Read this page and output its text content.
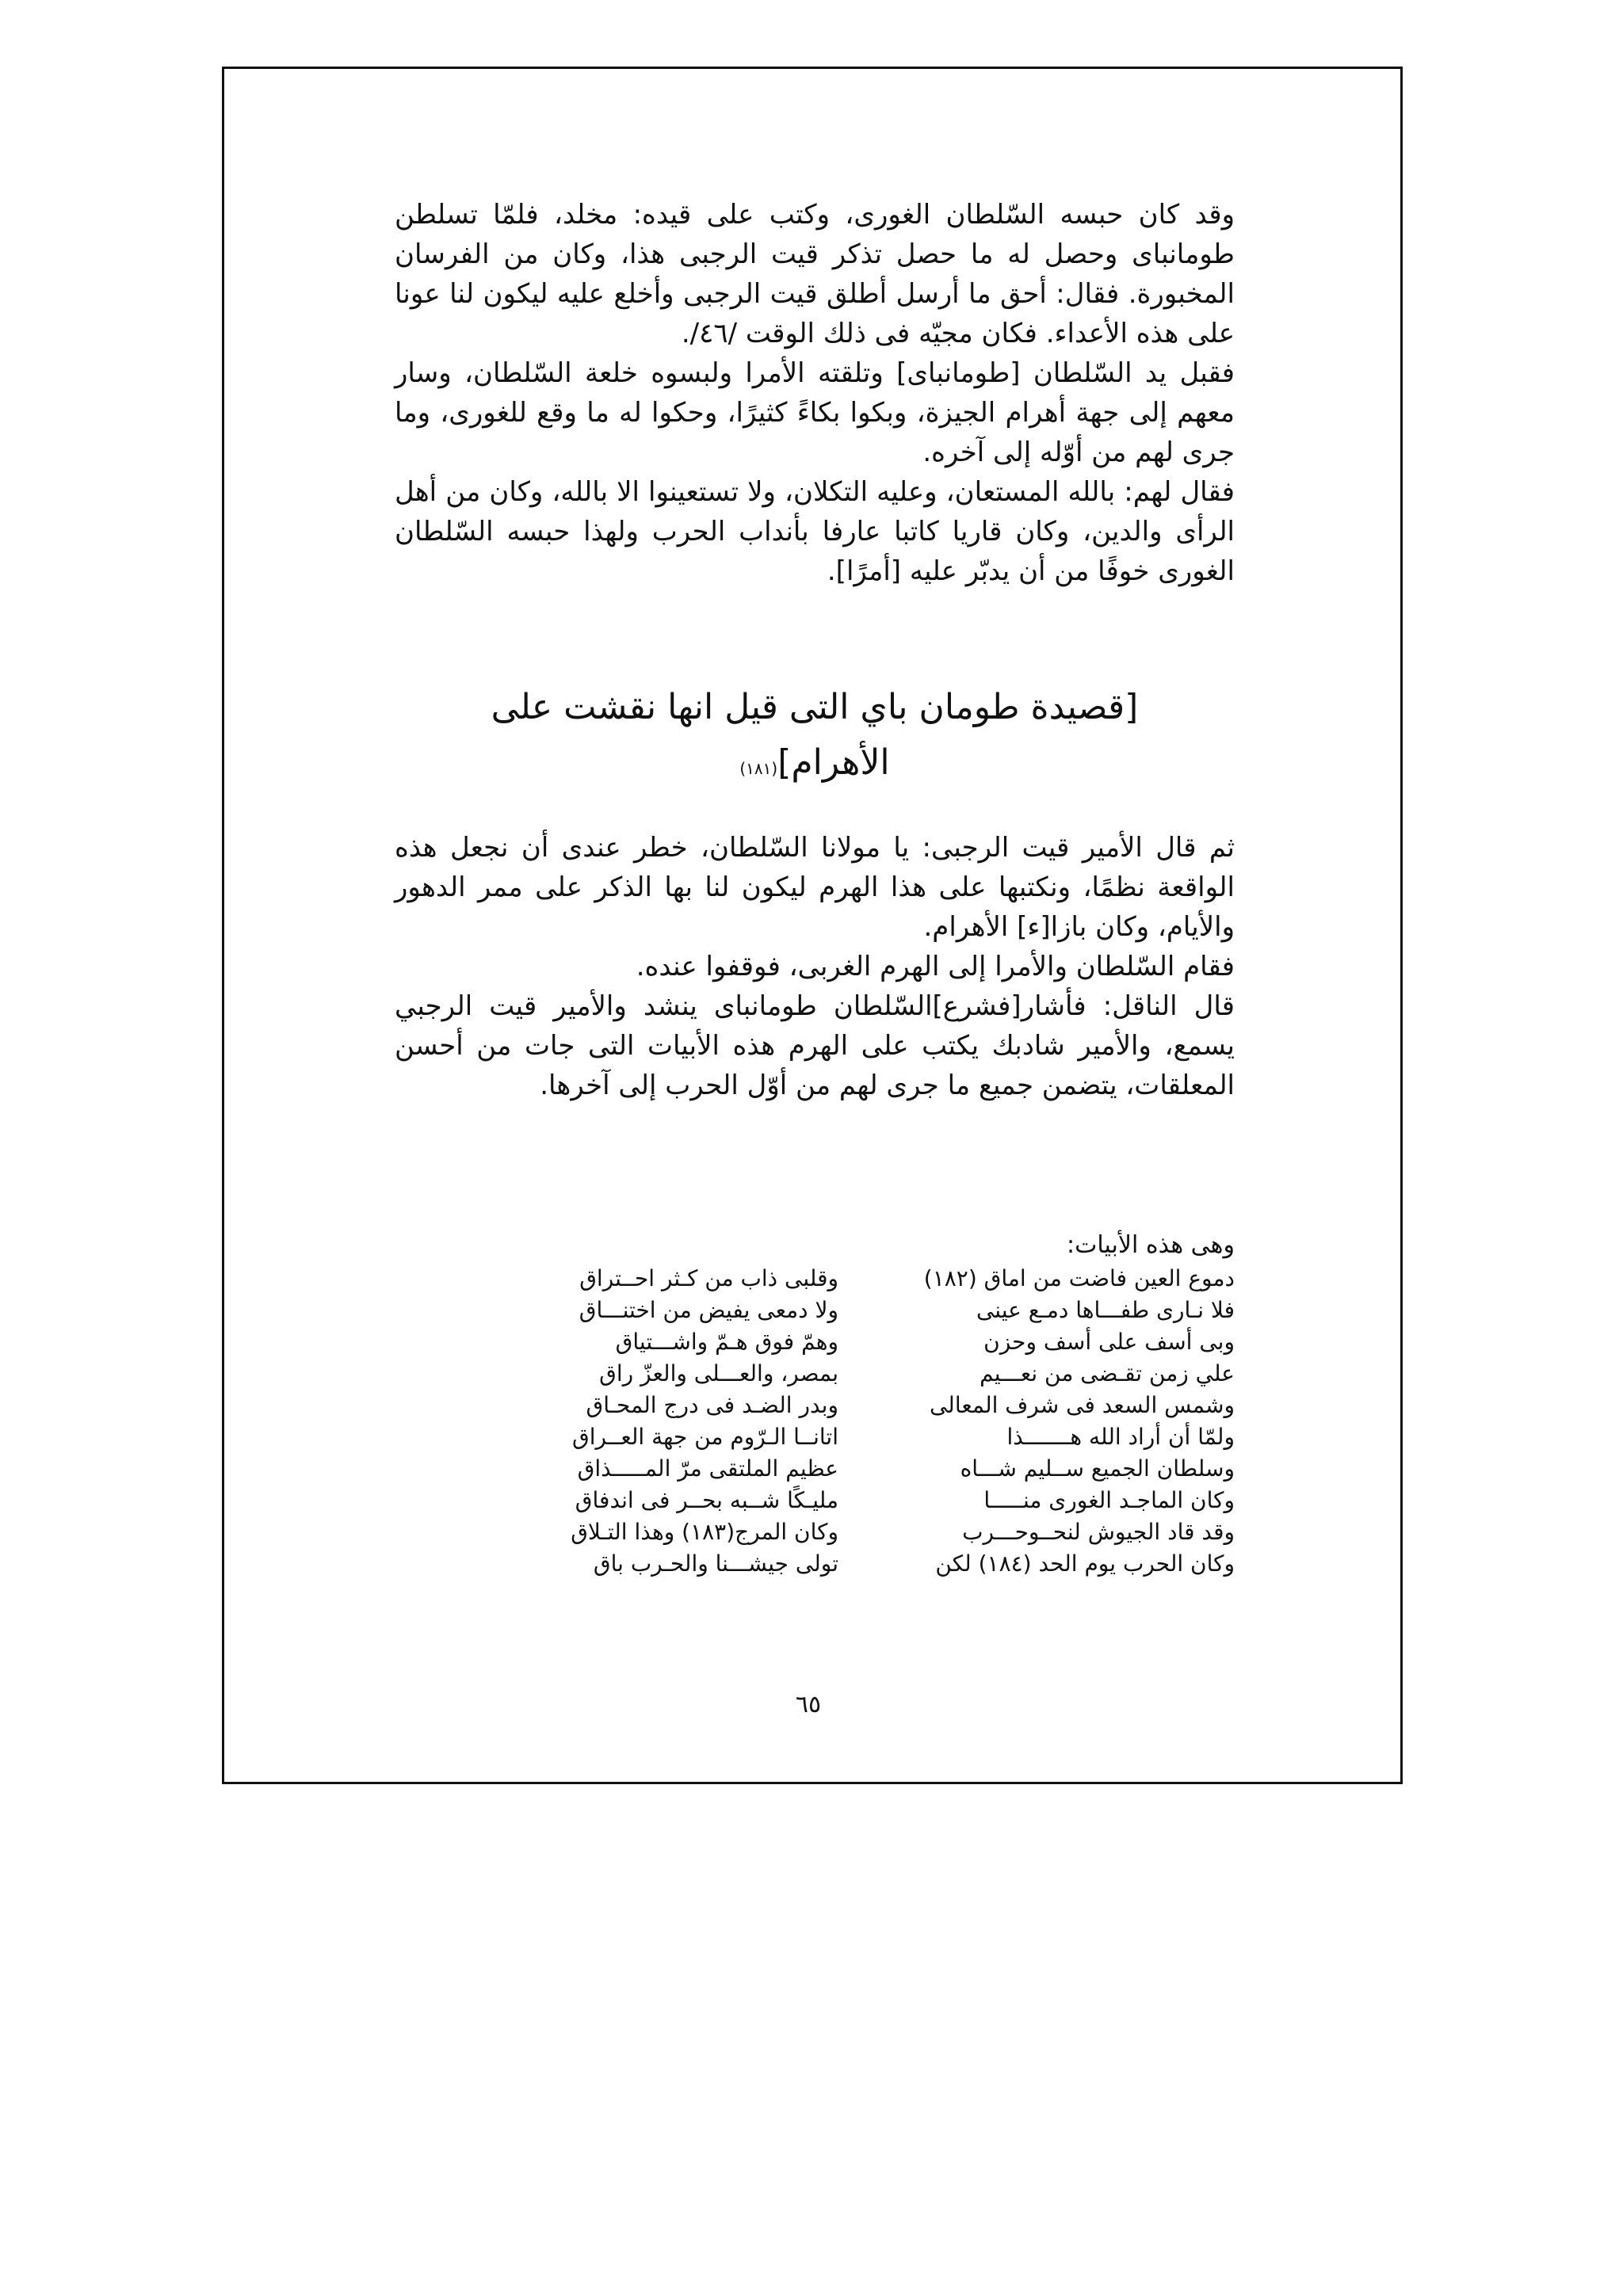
وقد كان حبسه السّلطان الغورى، وكتب على قيده: مخلد، فلمّا تسلطن طومانباى وحصل له ما حصل تذكر قيت الرجبى هذا، وكان من الفرسان المخبورة. فقال: أحق ما أرسل أطلق قيت الرجبى وأخلع عليه ليكون لنا عونا على هذه الأعداء. فكان مجيّه فى ذلك الوقت /٤٦/.

فقبل يد السّلطان [طومانباى] وتلقته الأمرا ولبسوه خلعة السّلطان، وسار معهم إلى جهة أهرام الجيزة، وبكوا بكاءً كثيرًا، وحكوا له ما وقع للغورى، وما جرى لهم من أوّله إلى آخره.

فقال لهم: بالله المستعان، وعليه التكلان، ولا تستعينوا الا بالله، وكان من أهل الرأى والدين، وكان قاريا كاتبا عارفا بأنداب الحرب ولهذا حبسه السّلطان الغورى خوفًا من أن يدبّر عليه [أمرًا].

[قصيدة طومان باي التى قيل انها نقشت على
الأهرام](١٨١)

ثم قال الأمير قيت الرجبى: يا مولانا السّلطان، خطر عندى أن نجعل هذه الواقعة نظمًا، ونكتبها على هذا الهرم ليكون لنا بها الذكر على ممر الدهور والأيام، وكان بازا[ء] الأهرام.

فقام السّلطان والأمرا إلى الهرم الغربى، فوقفوا عنده.

قال الناقل: فأشار[فشرع]السّلطان طومانباى ينشد والأمير قيت الرجبي يسمع، والأمير شادبك يكتب على الهرم هذه الأبيات التى جات من أحسن المعلقات، يتضمن جميع ما جرى لهم من أوّل الحرب إلى آخرها.

وهى هذه الأبيات:
دموع العين فاضت من اماق (١٨٢)
وقلبى ذاب من كـثر احــتراق
فلا نـارى طفـــاها دمـع عينى
ولا دمعى يفيض من اختنـــاق
وبى أسف على أسف وحزن
وهمّ فوق هـمّ واشـــتياق
علي زمن تقـضى من نعـــيم
بمصر، والعـــلى والعزّ راق
وشمس السعد فى شرف المعالى
وبدر الضـد فى درج المحـاق
ولمّا أن أراد الله هـــــــذا
اتانــا الـرّوم من جهة العــراق
وسلطان الجميع ســليم شـــاه
عظيم الملتقى مرّ المـــــذاق
وكان الماجـد الغورى منـــــا
مليـكًا شــبه بحــر فى اندفاق
وقد قاد الجيوش لنحــوحـــرب
وكان المرج(١٨٣) وهذا التـلاق
وكان الحرب يوم الحد (١٨٤) لكن
تولى جيشـــنا والحـرب باق
٦٥
